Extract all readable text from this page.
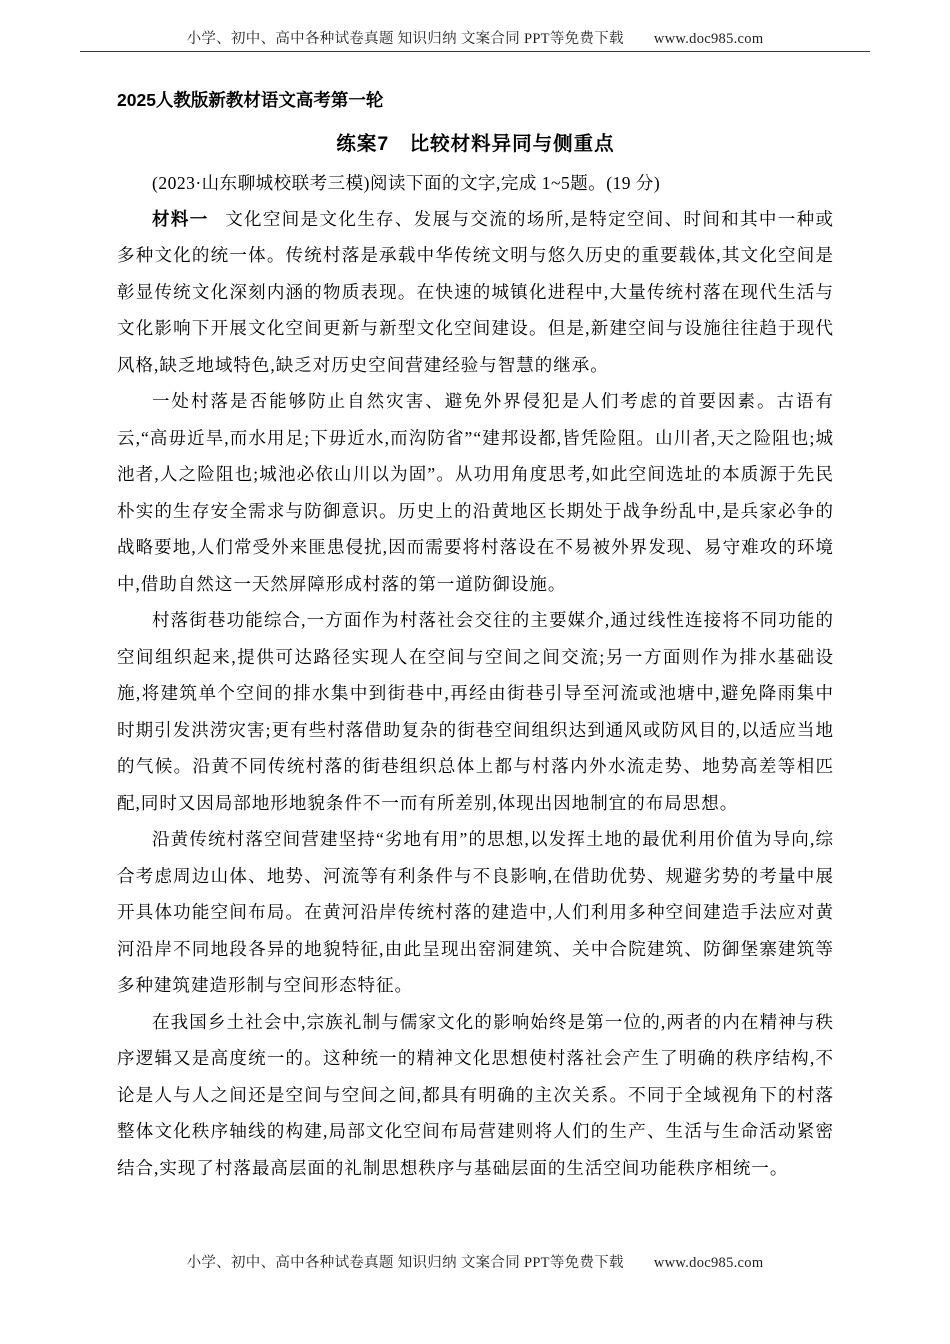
小学、初中、高中各种试卷真题 知识归纳 文案合同 PPT等免费下载 www.doc985.com
2025人教版新教材语文高考第一轮
练案7　比较材料异同与侧重点

(2023·山东聊城校联考三模)阅读下面的文字,完成 1~5题。(19 分)

材料一 文化空间是文化生存、发展与交流的场所,是特定空间、时间和其中一种或多种文化的统一体。传统村落是承载中华传统文明与悠久历史的重要载体,其文化空间是彰显传统文化深刻内涵的物质表现。在快速的城镇化进程中,大量传统村落在现代生活与文化影响下开展文化空间更新与新型文化空间建设。但是,新建空间与设施往往趋于现代风格,缺乏地域特色,缺乏对历史空间营建经验与智慧的继承。

一处村落是否能够防止自然灾害、避免外界侵犯是人们考虑的首要因素。古语有云,“高毋近旱,而水用足;下毋近水,而沟防省”“建邦设都,皆凭险阻。山川者,天之险阻也;城池者,人之险阻也;城池必依山川以为固”。从功用角度思考,如此空间选址的本质源于先民朴实的生存安全需求与防御意识。历史上的沿黄地区长期处于战争纷乱中,是兵家必争的战略要地,人们常受外来匪患侵扰,因而需要将村落设在不易被外界发现、易守难攻的环境中,借助自然这一天然屏障形成村落的第一道防御设施。

村落街巷功能综合,一方面作为村落社会交往的主要媒介,通过线性连接将不同功能的空间组织起来,提供可达路径实现人在空间与空间之间交流;另一方面则作为排水基础设施,将建筑单个空间的排水集中到街巷中,再经由街巷引导至河流或池塘中,避免降雨集中时期引发洪涝灾害;更有些村落借助复杂的街巷空间组织达到通风或防风目的,以适应当地的气候。沿黄不同传统村落的街巷组织总体上都与村落内外水流走势、地势高差等相匹配,同时又因局部地形地貌条件不一而有所差别,体现出因地制宜的布局思想。

沿黄传统村落空间营建坚持“劣地有用”的思想,以发挥土地的最优利用价值为导向,综合考虑周边山体、地势、河流等有利条件与不良影响,在借助优势、规避劣势的考量中展开具体功能空间布局。在黄河沿岸传统村落的建造中,人们利用多种空间建造手法应对黄河沿岸不同地段各异的地貌特征,由此呈现出窑洞建筑、关中合院建筑、防御堡寨建筑等多种建筑建造形制与空间形态特征。

在我国乡土社会中,宗族礼制与儒家文化的影响始终是第一位的,两者的内在精神与秩序逻辑又是高度统一的。这种统一的精神文化思想使村落社会产生了明确的秩序结构,不论是人与人之间还是空间与空间之间,都具有明确的主次关系。不同于全域视角下的村落整体文化秩序轴线的构建,局部文化空间布局营建则将人们的生产、生活与生命活动紧密结合,实现了村落最高层面的礼制思想秩序与基础层面的生活空间功能秩序相统一。

小学、初中、高中各种试卷真题 知识归纳 文案合同 PPT等免费下载 www.doc985.com
